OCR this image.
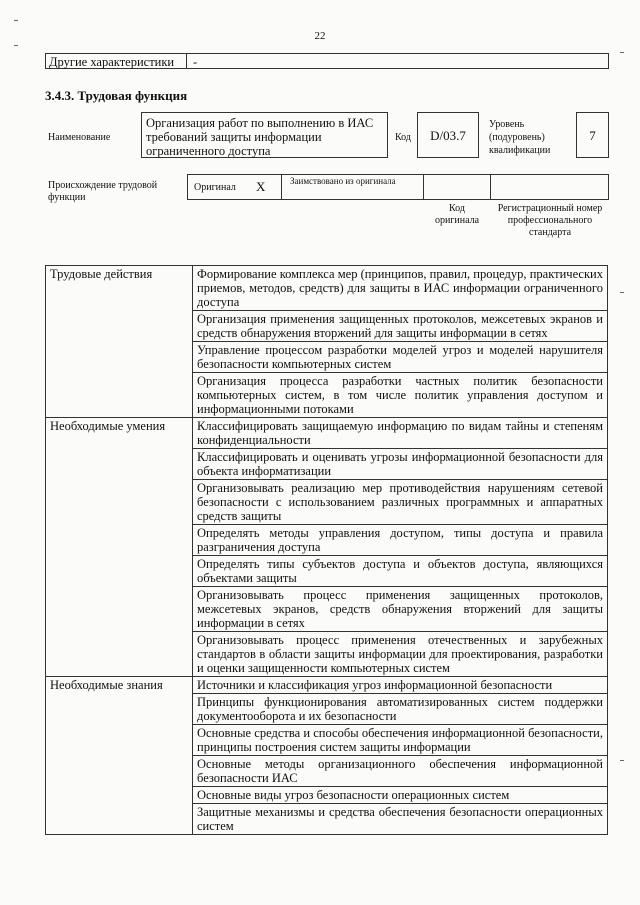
22
Другие характеристики	-
3.4.3. Трудовая функция
Наименование
Организация работ по выполнению в ИАС требований защиты информации ограниченного доступа
Код	D/03.7
Уровень (подуровень) квалификации
7
Происхождение трудовой функции
Оригинал X	Заимствовано из оригинала
Код оригинала
Регистрационный номер профессионального стандарта
Трудовые действия	Формирование комплекса мер (принципов, правил, процедур, практических приемов, методов, средств) для защиты в ИАС информации ограниченного доступа
	Организация применения защищенных протоколов, межсетевых экранов и средств обнаружения вторжений для защиты информации в сетях
	Управление процессом разработки моделей угроз и моделей нарушителя безопасности компьютерных систем
	Организация процесса разработки частных политик безопасности компьютерных систем, в том числе политик управления доступом и информационными потоками
Необходимые умения	Классифицировать защищаемую информацию по видам тайны и степеням конфиденциальности
	Классифицировать и оценивать угрозы информационной безопасности для объекта информатизации
	Организовывать реализацию мер противодействия нарушениям сетевой безопасности с использованием различных программных и аппаратных средств защиты
	Определять методы управления доступом, типы доступа и правила разграничения доступа
	Определять типы субъектов доступа и объектов доступа, являющихся объектами защиты
	Организовывать процесс применения защищенных протоколов, межсетевых экранов, средств обнаружения вторжений для защиты информации в сетях
	Организовывать процесс применения отечественных и зарубежных стандартов в области защиты информации для проектирования, разработки и оценки защищенности компьютерных систем
Необходимые знания	Источники и классификация угроз информационной безопасности
	Принципы функционирования автоматизированных систем поддержки документооборота и их безопасности
	Основные средства и способы обеспечения информационной безопасности, принципы построения систем защиты информации
	Основные методы организационного обеспечения информационной безопасности ИАС
	Основные виды угроз безопасности операционных систем
	Защитные механизмы и средства обеспечения безопасности операционных систем
